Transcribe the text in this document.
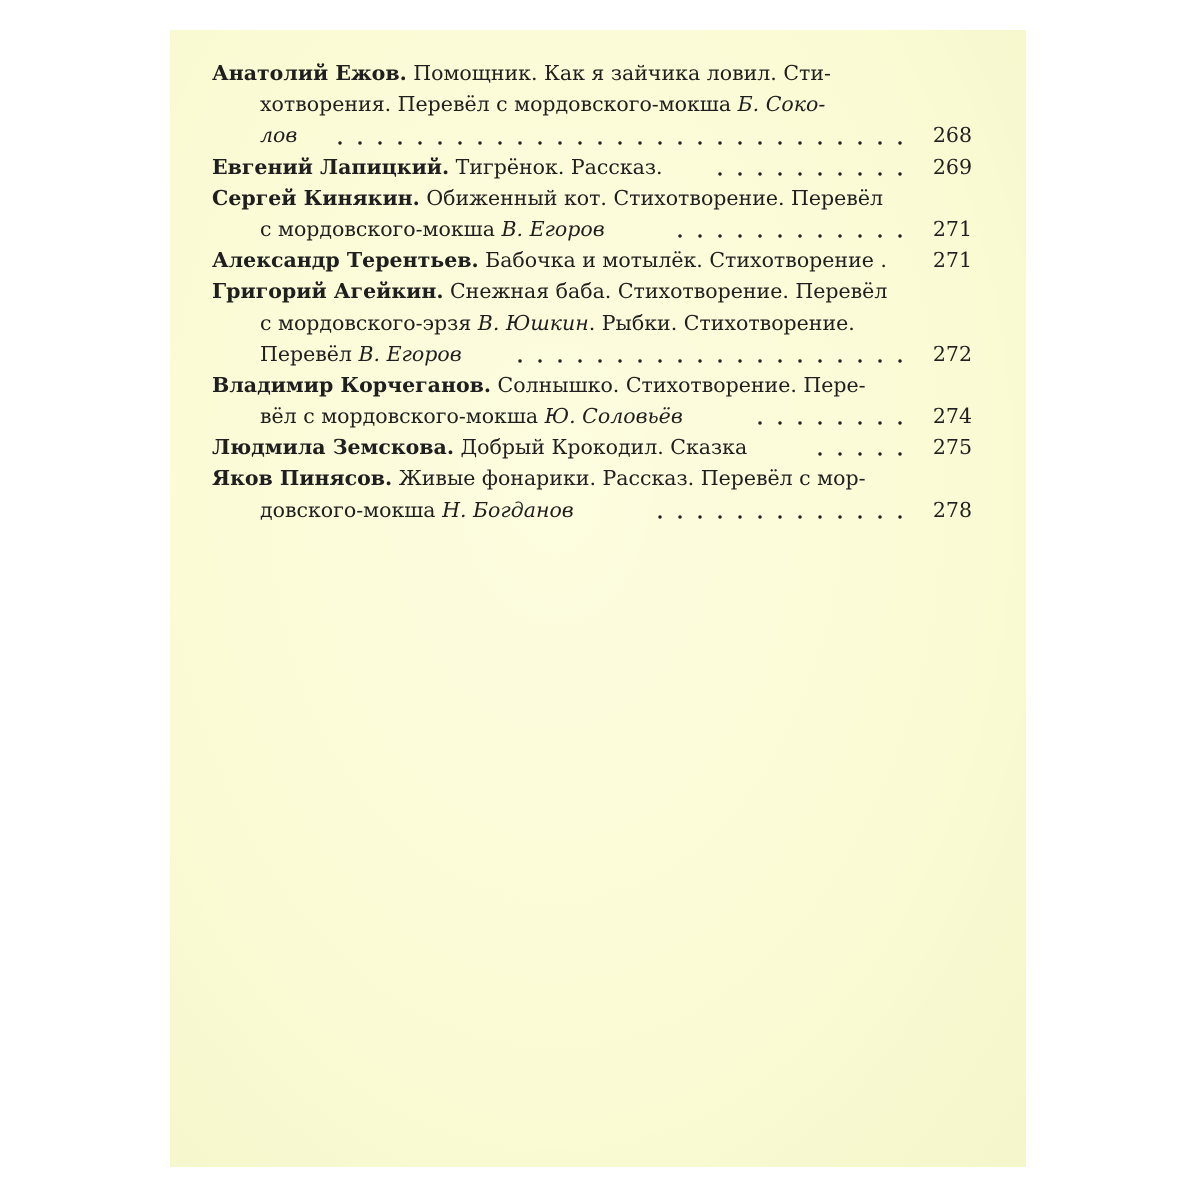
Анатолий Ежов. Помощник. Как я зайчика ловил. Сти-
хотворения. Перевёл с мордовского-мокша Б. Соко-
лов	268
Евгений Лапицкий. Тигрёнок. Рассказ.	269
Сергей Кинякин. Обиженный кот. Стихотворение. Перевёл
с мордовского-мокша В. Егоров	271
Александр Терентьев. Бабочка и мотылёк. Стихотворение .	271
Григорий Агейкин. Снежная баба. Стихотворение. Перевёл
с мордовского-эрзя В. Юшкин. Рыбки. Стихотворение.
Перевёл В. Егоров	272
Владимир Корчеганов. Солнышко. Стихотворение. Пере-
вёл с мордовского-мокша Ю. Соловьёв	274
Людмила Земскова. Добрый Крокодил. Сказка	275
Яков Пинясов. Живые фонарики. Рассказ. Перевёл с мор-
довского-мокша Н. Богданов	278
